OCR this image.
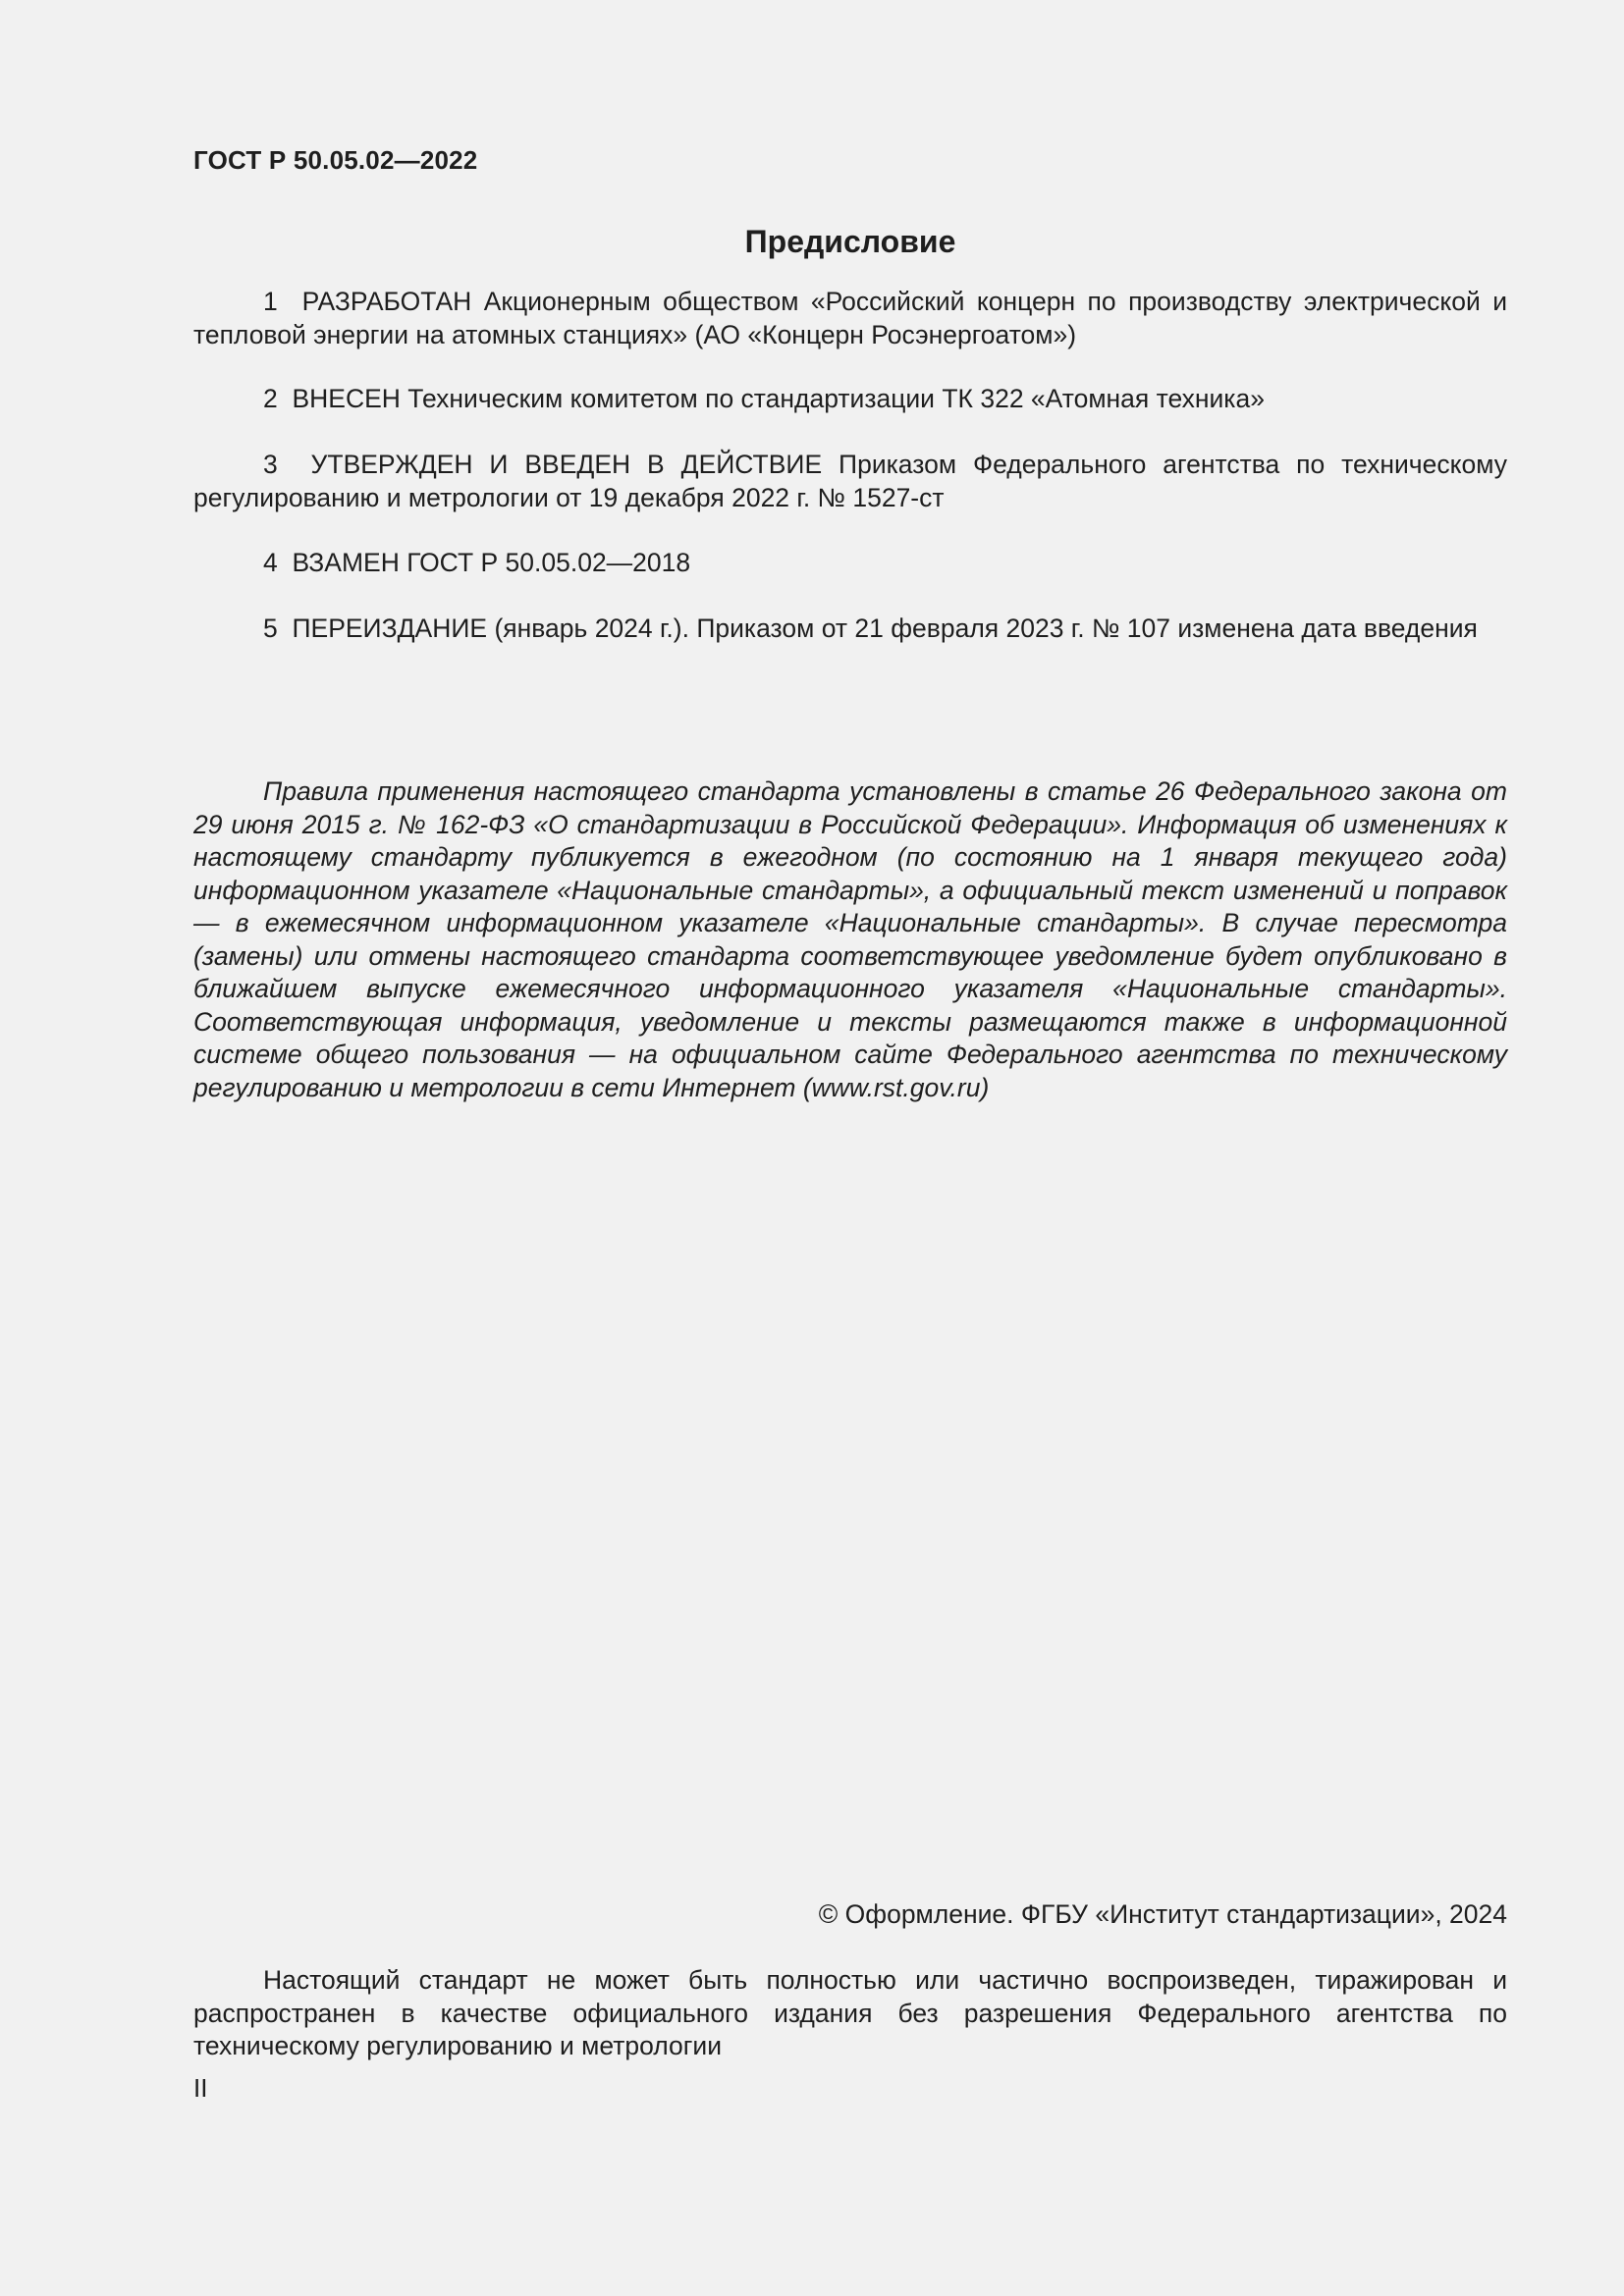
ГОСТ Р 50.05.02—2022
Предисловие
1 РАЗРАБОТАН Акционерным обществом «Российский концерн по производству электрической и тепловой энергии на атомных станциях» (АО «Концерн Росэнергоатом»)
2 ВНЕСЕН Техническим комитетом по стандартизации ТК 322 «Атомная техника»
3 УТВЕРЖДЕН И ВВЕДЕН В ДЕЙСТВИЕ Приказом Федерального агентства по техническому регулированию и метрологии от 19 декабря 2022 г. № 1527-ст
4 ВЗАМЕН ГОСТ Р 50.05.02—2018
5 ПЕРЕИЗДАНИЕ (январь 2024 г.). Приказом от 21 февраля 2023 г. № 107 изменена дата введения
Правила применения настоящего стандарта установлены в статье 26 Федерального закона от 29 июня 2015 г. № 162-ФЗ «О стандартизации в Российской Федерации». Информация об изменениях к настоящему стандарту публикуется в ежегодном (по состоянию на 1 января текущего года) информационном указателе «Национальные стандарты», а официальный текст изменений и поправок — в ежемесячном информационном указателе «Национальные стандарты». В случае пересмотра (замены) или отмены настоящего стандарта соответствующее уведомление будет опубликовано в ближайшем выпуске ежемесячного информационного указателя «Национальные стандарты». Соответствующая информация, уведомление и тексты размещаются также в информационной системе общего пользования — на официальном сайте Федерального агентства по техническому регулированию и метрологии в сети Интернет (www.rst.gov.ru)
© Оформление. ФГБУ «Институт стандартизации», 2024
Настоящий стандарт не может быть полностью или частично воспроизведен, тиражирован и распространен в качестве официального издания без разрешения Федерального агентства по техническому регулированию и метрологии
II
